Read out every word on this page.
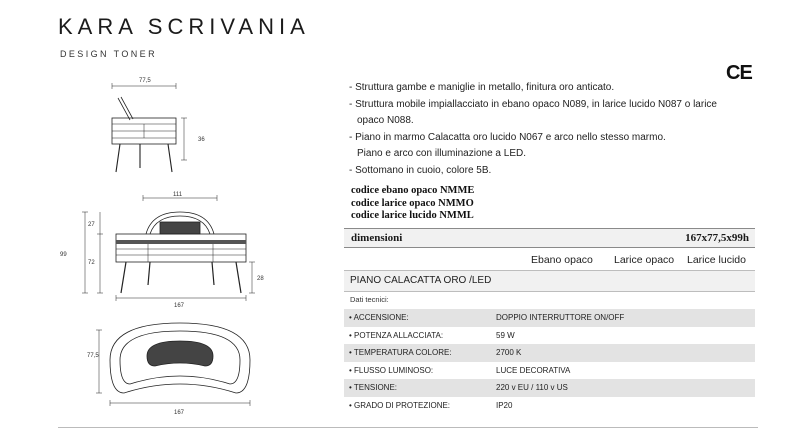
KARA SCRIVANIA
DESIGN TONER
CE
77,5
36
111
27
99
72
28
167
77,5
167
- Struttura gambe e maniglie in metallo, finitura oro anticato.
- Struttura mobile impiallacciato in ebano opaco N089, in larice lucido N087 o larice
opaco N088.
- Piano in marmo Calacatta oro lucido N067 e arco nello stesso marmo.
Piano e arco con illuminazione a LED.
- Sottomano in cuoio, colore 5B.
codice ebano opaco NMME
codice larice opaco NMMO
codice larice lucido NMML
dimensioni	167x77,5x99h
Ebano opaco Larice opaco Larice lucido
PIANO CALACATTA ORO /LED
Dati tecnici:
• ACCENSIONE:	DOPPIO INTERRUTTORE ON/OFF
• POTENZA ALLACCIATA:	59 W
• TEMPERATURA COLORE:	2700 K
• FLUSSO LUMINOSO:	LUCE DECORATIVA
• TENSIONE:	220 v EU / 110 v US
• GRADO DI PROTEZIONE:	IP20
